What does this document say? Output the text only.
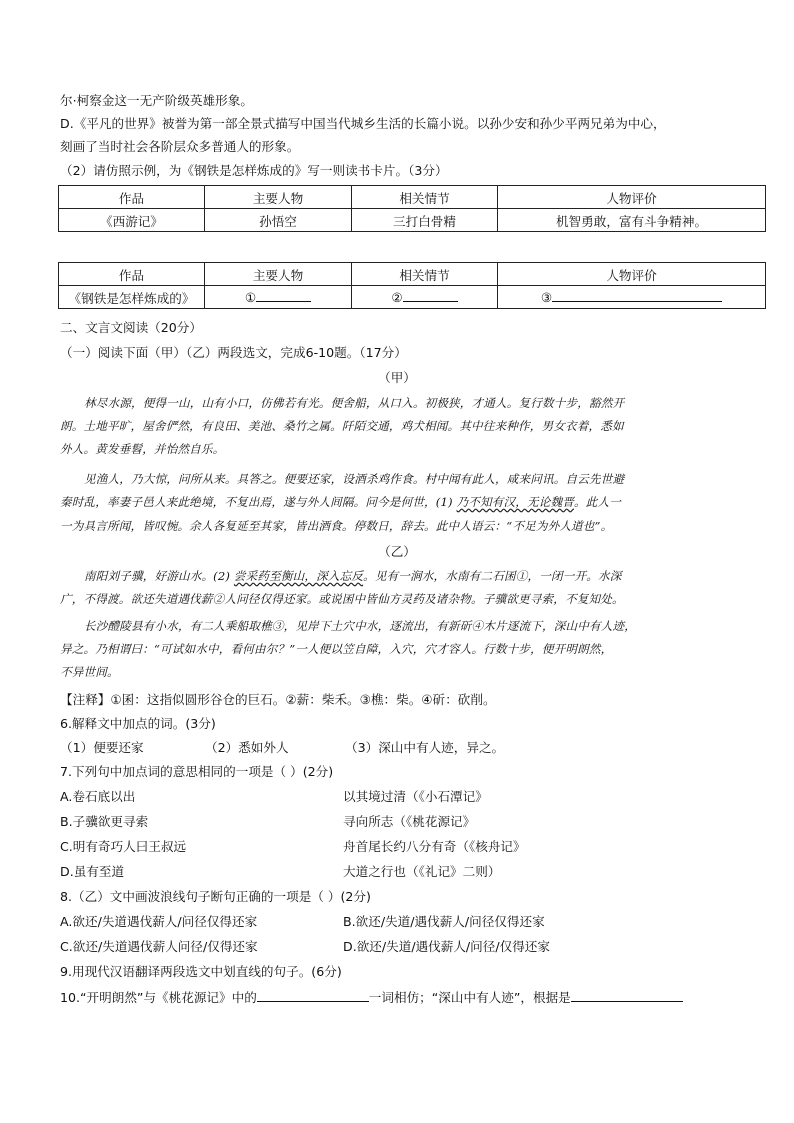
尔·柯察金这一无产阶级英雄形象。
D.《平凡的世界》被誉为第一部全景式描写中国当代城乡生活的长篇小说。以孙少安和孙少平两兄弟为中心，
刻画了当时社会各阶层众多普通人的形象。
（2）请仿照示例，为《钢铁是怎样炼成的》写一则读书卡片。（3分）
作品	主要人物	相关情节	人物评价
《西游记》	孙悟空	三打白骨精	机智勇敢，富有斗争精神。
作品	主要人物	相关情节	人物评价
《钢铁是怎样炼成的》	①	②	③
二、文言文阅读（20分）
（一）阅读下面（甲）（乙）两段选文，完成6-10题。（17分）
（甲）
林尽水源，便得一山，山有小口，仿佛若有光。便舍船，从口入。初极狭，才通人。复行数十步，豁然开
朗。土地平旷，屋舍俨然，有良田、美池、桑竹之属。阡陌交通，鸡犬相闻。其中往来种作，男女衣着，悉如
外人。黄发垂髫，并怡然自乐。
见渔人，乃大惊，问所从来。具答之。便要还家，设酒杀鸡作食。村中闻有此人，咸来问讯。自云先世避
秦时乱，率妻子邑人来此绝境，不复出焉，遂与外人间隔。问今是何世，(1) 乃不知有汉，无论魏晋。此人一
一为具言所闻，皆叹惋。余人各复延至其家，皆出酒食。停数日，辞去。此中人语云：“不足为外人道也”。
（乙）
南阳刘子骥，好游山水。(2) 尝采药至衡山，深入忘反。见有一涧水，水南有二石囷①，一闭一开。水深
广，不得渡。欲还失道遇伐薪②人问径仅得还家。或说囷中皆仙方灵药及诸杂物。子骥欲更寻索，不复知处。
长沙醴陵县有小水，有二人乘船取樵③，见岸下土穴中水，逐流出，有新斫④木片逐流下，深山中有人迹，
异之。乃相谓曰：“可试如水中，看何由尔？”一人便以笠自障，入穴，穴才容人。行数十步，便开明朗然，
不异世间。
【注释】①囷：这指似圆形谷仓的巨石。②薪：柴禾。③樵：柴。④斫：砍削。
6.解释文中加点的词。(3分)
（1）便要还家	（2）悉如外人	（3）深山中有人迹，异之。
7.下列句中加点词的意思相同的一项是（ ）(2分)
A.卷石底以出	以其境过清（《小石潭记》
B.子骥欲更寻索	寻向所志（《桃花源记》
C.明有奇巧人曰王叔远	舟首尾长约八分有奇（《核舟记》
D.虽有至道	大道之行也（《礼记》二则）
8.（乙）文中画波浪线句子断句正确的一项是（ ）(2分)
A.欲还/失道遇伐薪人/问径仅得还家	B.欲还/失道/遇伐薪人/问径仅得还家
C.欲还/失道遇伐薪人问径/仅得还家	D.欲还/失道/遇伐薪人/问径/仅得还家
9.用现代汉语翻译两段选文中划直线的句子。(6分)
10.“开明朗然”与《桃花源记》中的	一词相仿；“深山中有人迹”，根据是
